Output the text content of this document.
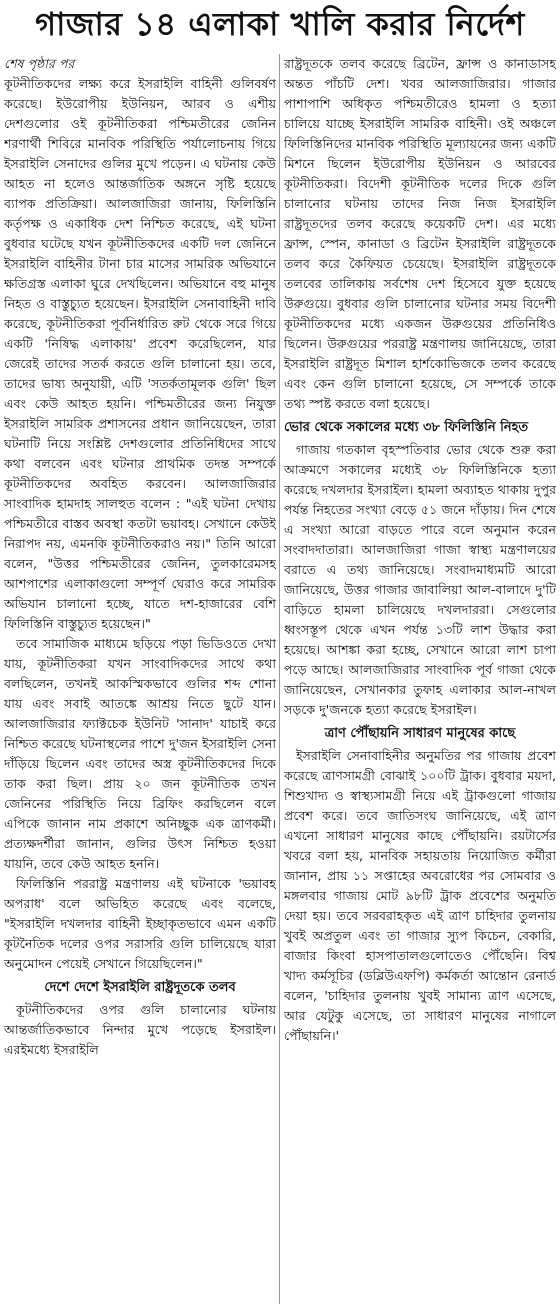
গাজার ১৪ এলাকা খালি করার নির্দেশ

শেষ পৃষ্ঠার পর

কূটনীতিকদের লক্ষ্য করে ইসরাইলি বাহিনী গুলিবর্ষণ করেছে। ইউরোপীয় ইউনিয়ন, আরব ও এশীয় দেশগুলোর ওই কূটনীতিকরা পশ্চিমতীরের জেনিন শরণার্থী শিবিরে মানবিক পরিস্থিতি পর্যালোচনায় গিয়ে ইসরাইলি সেনাদের গুলির মুখে পড়েন। এ ঘটনায় কেউ আহত না হলেও আন্তর্জাতিক অঙ্গনে সৃষ্টি হয়েছে ব্যাপক প্রতিক্রিয়া। আলজাজিরা জানায়, ফিলিস্তিনি কর্তৃপক্ষ ও একাধিক দেশ নিশ্চিত করেছে, এই ঘটনা বুধবার ঘটেছে যখন কূটনীতিকদের একটি দল জেনিনে ইসরাইলি বাহিনীর টানা চার মাসের সামরিক অভিযানে ক্ষতিগ্রস্ত এলাকা ঘুরে দেখছিলেন। অভিযানে বহু মানুষ নিহত ও বাস্তুচ্যুত হয়েছেন। ইসরাইলি সেনাবাহিনী দাবি করেছে, কূটনীতিকরা পূর্বনির্ধারিত রুট থেকে সরে গিয়ে একটি 'নিষিদ্ধ এলাকায়' প্রবেশ করেছিলেন, যার জেরেই তাদের সতর্ক করতে গুলি চালানো হয়। তবে, তাদের ভাষ্য অনুযায়ী, এটি 'সতর্কতামূলক গুলি' ছিল এবং কেউ আহত হয়নি। পশ্চিমতীরের জন্য নিযুক্ত ইসরাইলি সামরিক প্রশাসনের প্রধান জানিয়েছেন, তারা ঘটনাটি নিয়ে সংশ্লিষ্ট দেশগুলোর প্রতিনিধিদের সাথে কথা বলবেন এবং ঘটনার প্রাথমিক তদন্ত সম্পর্কে কূটনীতিকদের অবহিত করবেন। আলজাজিরার সাংবাদিক হামদাহ সালহুত বলেন : "এই ঘটনা দেখায় পশ্চিমতীরে বাস্তব অবস্থা কতটা ভয়াবহ। সেখানে কেউই নিরাপদ নয়, এমনকি কূটনীতিকরাও নয়।" তিনি আরো বলেন, "উত্তর পশ্চিমতীরের জেনিন, তুলকারেমসহ আশপাশের এলাকাগুলো সম্পূর্ণ ঘেরাও করে সামরিক অভিযান চালানো হচ্ছে, যাতে দশ-হাজারের বেশি ফিলিস্তিনি বাস্তুচ্যুত হয়েছেন।"

তবে সামাজিক মাধ্যমে ছড়িয়ে পড়া ভিডিওতে দেখা যায়, কূটনীতিকরা যখন সাংবাদিকদের সাথে কথা বলছিলেন, তখনই আকস্মিকভাবে গুলির শব্দ শোনা যায় এবং সবাই আতঙ্কে আশ্রয় নিতে ছুটে যান। আলজাজিরার ফ্যাক্টচেক ইউনিট 'সানাদ' যাচাই করে নিশ্চিত করেছে ঘটনাস্থলের পাশে দু'জন ইসরাইলি সেনা দাঁড়িয়ে ছিলেন এবং তাদের অস্ত্র কূটনীতিকদের দিকে তাক করা ছিল। প্রায় ২০ জন কূটনীতিক তখন জেনিনের পরিস্থিতি নিয়ে ব্রিফিং করছিলেন বলে এপিকে জানান নাম প্রকাশে অনিচ্ছুক এক ত্রাণকর্মী। প্রত্যক্ষদর্শীরা জানান, গুলির উৎস নিশ্চিত হওয়া যায়নি, তবে কেউ আহত হননি।

ফিলিস্তিনি পররাষ্ট্র মন্ত্রণালয় এই ঘটনাকে 'ভয়াবহ অপরাধ' বলে অভিহিত করেছে এবং বলেছে, "ইসরাইলি দখলদার বাহিনী ইচ্ছাকৃতভাবে এমন একটি কূটনৈতিক দলের ওপর সরাসরি গুলি চালিয়েছে যারা অনুমোদন পেয়েই সেখানে গিয়েছিলেন।"

দেশে দেশে ইসরাইলি রাষ্ট্রদূতকে তলব

কূটনীতিকদের ওপর গুলি চালানোর ঘটনায় আন্তর্জাতিকভাবে নিন্দার মুখে পড়েছে ইসরাইল। এরইমধ্যে ইসরাইলি

রাষ্ট্রদূতকে তলব করেছে ব্রিটেন, ফ্রান্স ও কানাডাসহ অন্তত পাঁচটি দেশ। খবর আলজাজিরার। গাজার পাশাপাশি অধিকৃত পশ্চিমতীরেও হামলা ও হত্যা চালিয়ে যাচ্ছে ইসরাইলি সামরিক বাহিনী। ওই অঞ্চলে ফিলিস্তিনিদের মানবিক পরিস্থিতি মূল্যায়নের জন্য একটি মিশনে ছিলেন ইউরোপীয় ইউনিয়ন ও আরবের কূটনীতিকরা। বিদেশী কূটনীতিক দলের দিকে গুলি চালানোর ঘটনায় তাদের নিজ নিজ ইসরাইলি রাষ্ট্রদূতদের তলব করেছে কয়েকটি দেশ। এর মধ্যে ফ্রান্স, স্পেন, কানাডা ও ব্রিটেন ইসরাইলি রাষ্ট্রদূতকে তলব করে কৈফিয়ত চেয়েছে। ইসরাইলি রাষ্ট্রদূতকে তলবের তালিকায় সর্বশেষ দেশ হিসেবে যুক্ত হয়েছে উরুগুয়ে। বুধবার গুলি চালানোর ঘটনার সময় বিদেশী কূটনীতিকদের মধ্যে একজন উরুগুয়ের প্রতিনিধিও ছিলেন। উরুগুয়ের পররাষ্ট্র মন্ত্রণালয় জানিয়েছে, তারা ইসরাইলি রাষ্ট্রদূত মিশাল হার্শকোভিজকে তলব করেছে এবং কেন গুলি চালানো হয়েছে, সে সম্পর্কে তাকে তথ্য স্পষ্ট করতে বলা হয়েছে।

ভোর থেকে সকালের মধ্যে ৩৮ ফিলিস্তিনি নিহত

গাজায় গতকাল বৃহস্পতিবার ভোর থেকে শুরু করা আক্রমণে সকালের মধ্যেই ৩৮ ফিলিস্তিনিকে হত্যা করেছে দখলদার ইসরাইল। হামলা অব্যাহত থাকায় দুপুর পর্যন্ত নিহতের সংখ্যা বেড়ে ৫১ জনে দাঁড়ায়। দিন শেষে এ সংখ্যা আরো বাড়তে পারে বলে অনুমান করেন সংবাদদাতারা। আলজাজিরা গাজা স্বাস্থ্য মন্ত্রণালয়ের বরাতে এ তথ্য জানিয়েছে। সংবাদমাধ্যমটি আরো জানিয়েছে, উত্তর গাজার জাবালিয়া আল-বালাদে দু'টি বাড়িতে হামলা চালিয়েছে দখলদাররা। সেগুলোর ধ্বংসস্তূপ থেকে এখন পর্যন্ত ১৩টি লাশ উদ্ধার করা হয়েছে। আশঙ্কা করা হচ্ছে, সেখানে আরো লাশ চাপা পড়ে আছে। আলজাজিরার সাংবাদিক পূর্ব গাজা থেকে জানিয়েছেন, সেখানকার তুফাহ এলাকার আল-নাখল সড়কে দু'জনকে হত্যা করেছে ইসরাইল।

ত্রাণ পৌঁছায়নি সাধারণ মানুষের কাছে

ইসরাইলি সেনাবাহিনীর অনুমতির পর গাজায় প্রবেশ করেছে ত্রাণসামগ্রী বোঝাই ১০০টি ট্রাক। বুধবার ময়দা, শিশুখাদ্য ও স্বাস্থ্যসামগ্রী নিয়ে এই ট্রাকগুলো গাজায় প্রবেশ করে। তবে জাতিসংঘ জানিয়েছে, এই ত্রাণ এখনো সাধারণ মানুষের কাছে পৌঁছায়নি। রয়টার্সের খবরে বলা হয়, মানবিক সহায়তায় নিয়োজিত কর্মীরা জানান, প্রায় ১১ সপ্তাহের অবরোধের পর সোমবার ও মঙ্গলবার গাজায় মোট ৯৮টি ট্রাক প্রবেশের অনুমতি দেয়া হয়। তবে সরবরাহকৃত এই ত্রাণ চাহিদার তুলনায় খুবই অপ্রতুল এবং তা গাজার স্যুপ কিচেন, বেকারি, বাজার কিংবা হাসপাতালগুলোতেও পৌঁছেনি। বিশ্ব খাদ্য কর্মসূচির (ডব্লিউএফপি) কর্মকর্তা আন্তোন রেনার্ড বলেন, 'চাহিদার তুলনায় খুবই সামান্য ত্রাণ এসেছে, আর যেটুকু এসেছে, তা সাধারণ মানুষের নাগালে পৌঁছায়নি।'
